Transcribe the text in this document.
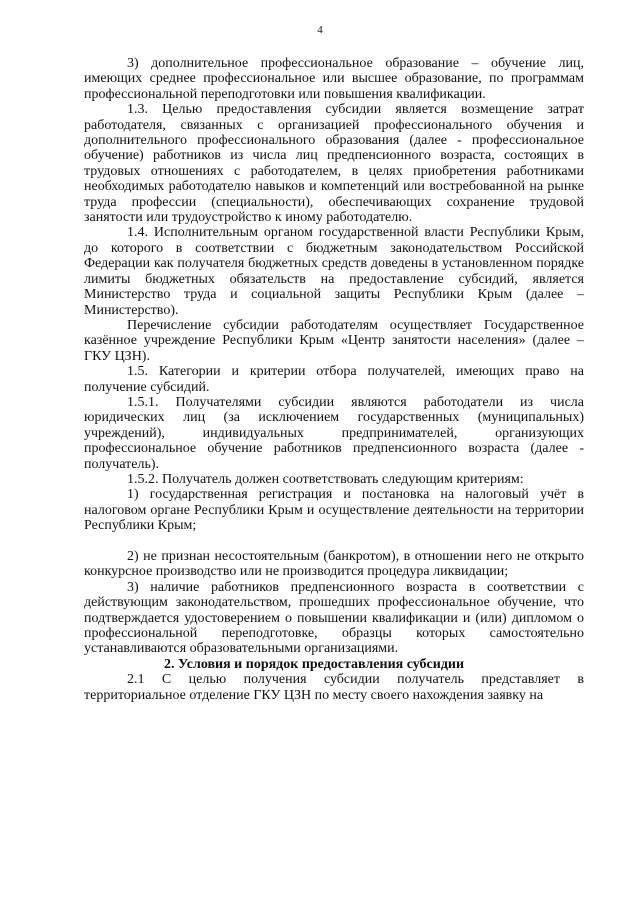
4

3) дополнительное профессиональное образование – обучение лиц, имеющих среднее профессиональное или высшее образование, по программам профессиональной переподготовки или повышения квалификации.

1.3. Целью предоставления субсидии является возмещение затрат работодателя, связанных с организацией профессионального обучения и дополнительного профессионального образования (далее - профессиональное обучение) работников из числа лиц предпенсионного возраста, состоящих в трудовых отношениях с работодателем, в целях приобретения работниками необходимых работодателю навыков и компетенций или востребованной на рынке труда профессии (специальности), обеспечивающих сохранение трудовой занятости или трудоустройство к иному работодателю.

1.4. Исполнительным органом государственной власти Республики Крым, до которого в соответствии с бюджетным законодательством Российской Федерации как получателя бюджетных средств доведены в установленном порядке лимиты бюджетных обязательств на предоставление субсидий, является Министерство труда и социальной защиты Республики Крым (далее – Министерство).

Перечисление субсидии работодателям осуществляет Государственное казённое учреждение Республики Крым «Центр занятости населения» (далее – ГКУ ЦЗН).

1.5. Категории и критерии отбора получателей, имеющих право на получение субсидий.

1.5.1. Получателями субсидии являются работодатели из числа юридических лиц (за исключением государственных (муниципальных) учреждений), индивидуальных предпринимателей, организующих профессиональное обучение работников предпенсионного возраста (далее - получатель).

1.5.2. Получатель должен соответствовать следующим критериям:

1) государственная регистрация и постановка на налоговый учёт в налоговом органе Республики Крым и осуществление деятельности на территории Республики Крым;

2) не признан несостоятельным (банкротом), в отношении него не открыто конкурсное производство или не производится процедура ликвидации;

3) наличие работников предпенсионного возраста в соответствии с действующим законодательством, прошедших профессиональное обучение, что подтверждается удостоверением о повышении квалификации и (или) дипломом о профессиональной переподготовке, образцы которых самостоятельно устанавливаются образовательными организациями.

2. Условия и порядок предоставления субсидии

2.1 С целью получения субсидии получатель представляет в территориальное отделение ГКУ ЦЗН по месту своего нахождения заявку на
